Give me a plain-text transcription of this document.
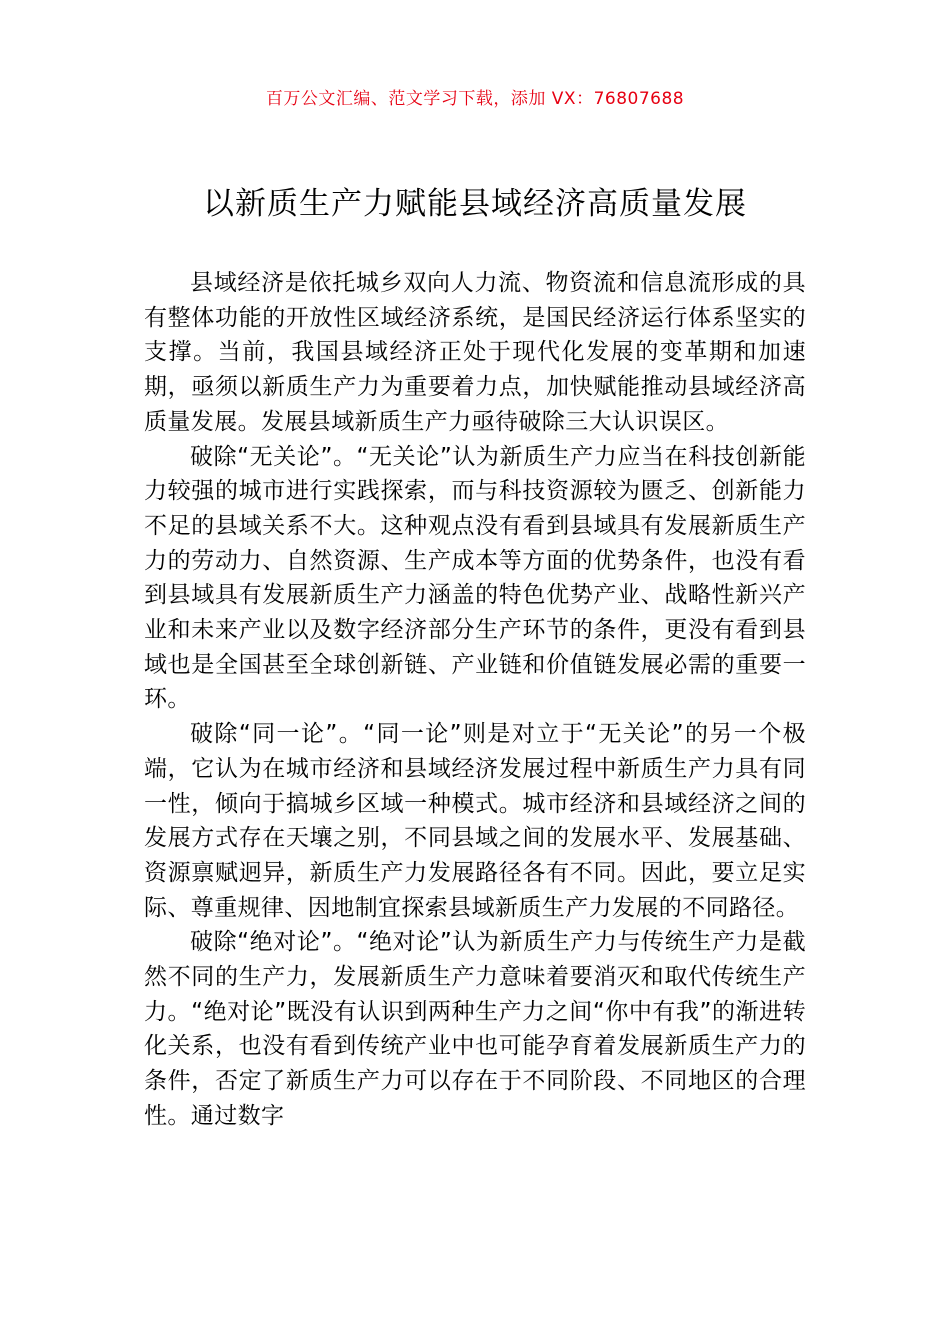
百万公文汇编、范文学习下载，添加 VX：76807688
以新质生产力赋能县域经济高质量发展

县域经济是依托城乡双向人力流、物资流和信息流形成的具有整体功能的开放性区域经济系统，是国民经济运行体系坚实的支撑。当前，我国县域经济正处于现代化发展的变革期和加速期，亟须以新质生产力为重要着力点，加快赋能推动县域经济高质量发展。发展县域新质生产力亟待破除三大认识误区。

破除“无关论”。“无关论”认为新质生产力应当在科技创新能力较强的城市进行实践探索，而与科技资源较为匮乏、创新能力不足的县域关系不大。这种观点没有看到县域具有发展新质生产力的劳动力、自然资源、生产成本等方面的优势条件，也没有看到县域具有发展新质生产力涵盖的特色优势产业、战略性新兴产业和未来产业以及数字经济部分生产环节的条件，更没有看到县域也是全国甚至全球创新链、产业链和价值链发展必需的重要一环。

破除“同一论”。“同一论”则是对立于“无关论”的另一个极端，它认为在城市经济和县域经济发展过程中新质生产力具有同一性，倾向于搞城乡区域一种模式。城市经济和县域经济之间的发展方式存在天壤之别，不同县域之间的发展水平、发展基础、资源禀赋迥异，新质生产力发展路径各有不同。因此，要立足实际、尊重规律、因地制宜探索县域新质生产力发展的不同路径。

破除“绝对论”。“绝对论”认为新质生产力与传统生产力是截然不同的生产力，发展新质生产力意味着要消灭和取代传统生产力。“绝对论”既没有认识到两种生产力之间“你中有我”的渐进转化关系，也没有看到传统产业中也可能孕育着发展新质生产力的条件，否定了新质生产力可以存在于不同阶段、不同地区的合理性。通过数字
